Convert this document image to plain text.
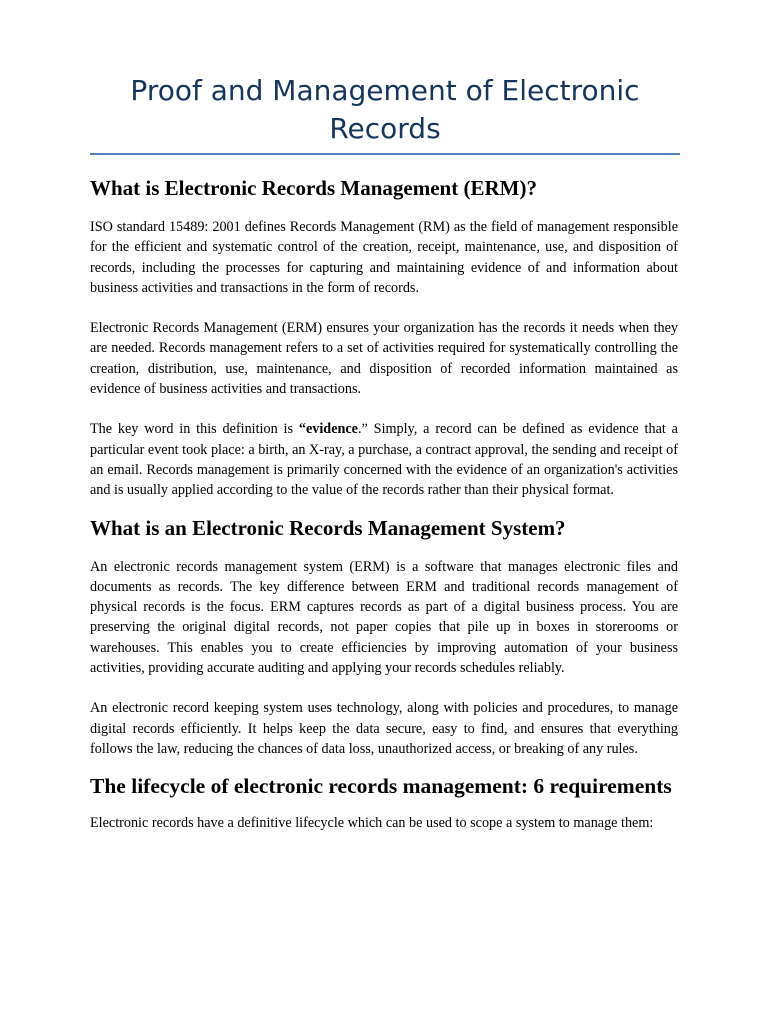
Proof and Management of Electronic Records
What is Electronic Records Management (ERM)?

ISO standard 15489: 2001 defines Records Management (RM) as the field of management responsible for the efficient and systematic control of the creation, receipt, maintenance, use, and disposition of records, including the processes for capturing and maintaining evidence of and information about business activities and transactions in the form of records.

Electronic Records Management (ERM) ensures your organization has the records it needs when they are needed. Records management refers to a set of activities required for systematically controlling the creation, distribution, use, maintenance, and disposition of recorded information maintained as evidence of business activities and transactions.

The key word in this definition is “evidence.” Simply, a record can be defined as evidence that a particular event took place: a birth, an X-ray, a purchase, a contract approval, the sending and receipt of an email. Records management is primarily concerned with the evidence of an organization's activities and is usually applied according to the value of the records rather than their physical format.

What is an Electronic Records Management System?

An electronic records management system (ERM) is a software that manages electronic files and documents as records. The key difference between ERM and traditional records management of physical records is the focus. ERM captures records as part of a digital business process. You are preserving the original digital records, not paper copies that pile up in boxes in storerooms or warehouses. This enables you to create efficiencies by improving automation of your business activities, providing accurate auditing and applying your records schedules reliably.

An electronic record keeping system uses technology, along with policies and procedures, to manage digital records efficiently. It helps keep the data secure, easy to find, and ensures that everything follows the law, reducing the chances of data loss, unauthorized access, or breaking of any rules.

The lifecycle of electronic records management: 6 requirements

Electronic records have a definitive lifecycle which can be used to scope a system to manage them:
